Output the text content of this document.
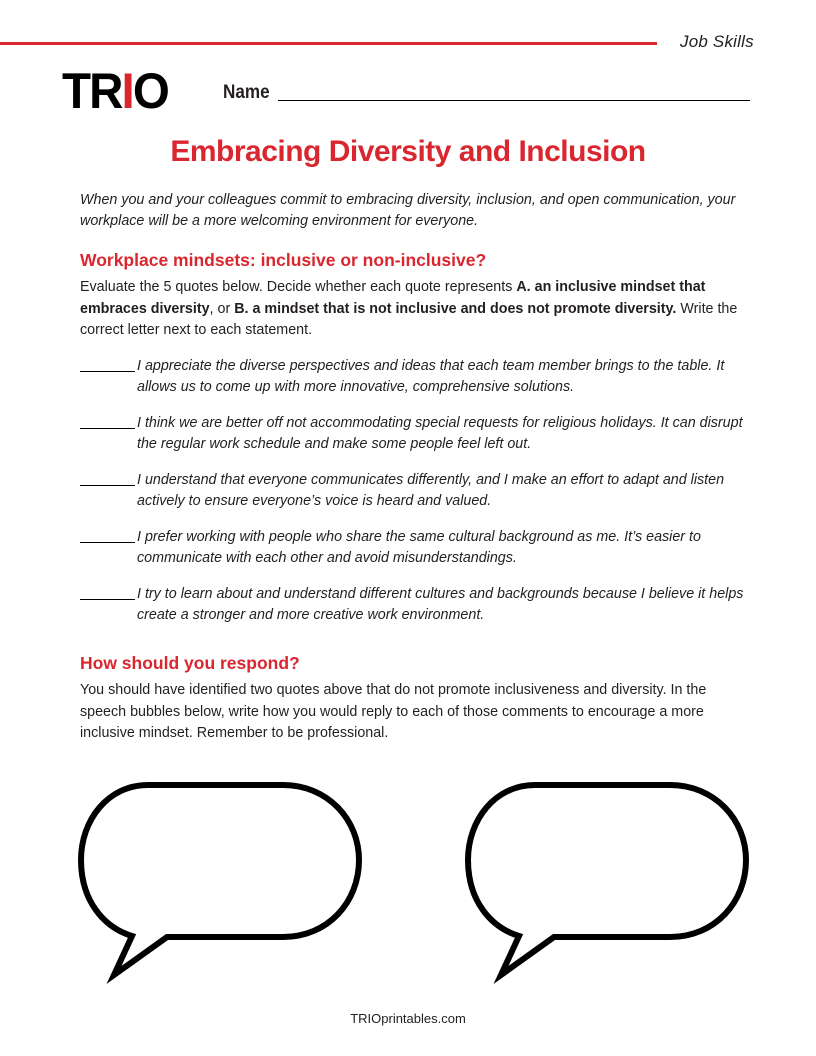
Job Skills
TRIO	Name
Embracing Diversity and Inclusion
When you and your colleagues commit to embracing diversity, inclusion, and open communication, your workplace will be a more welcoming environment for everyone.
Workplace mindsets: inclusive or non-inclusive?
Evaluate the 5 quotes below. Decide whether each quote represents A. an inclusive mindset that embraces diversity, or B. a mindset that is not inclusive and does not promote diversity. Write the correct letter next to each statement.
I appreciate the diverse perspectives and ideas that each team member brings to the table. It allows us to come up with more innovative, comprehensive solutions.
I think we are better off not accommodating special requests for religious holidays. It can disrupt the regular work schedule and make some people feel left out.
I understand that everyone communicates differently, and I make an effort to adapt and listen actively to ensure everyone’s voice is heard and valued.
I prefer working with people who share the same cultural background as me. It’s easier to communicate with each other and avoid misunderstandings.
I try to learn about and understand different cultures and backgrounds because I believe it helps create a stronger and more creative work environment.
How should you respond?
You should have identified two quotes above that do not promote inclusiveness and diversity. In the speech bubbles below, write how you would reply to each of those comments to encourage a more inclusive mindset. Remember to be professional.
TRIOprintables.com
